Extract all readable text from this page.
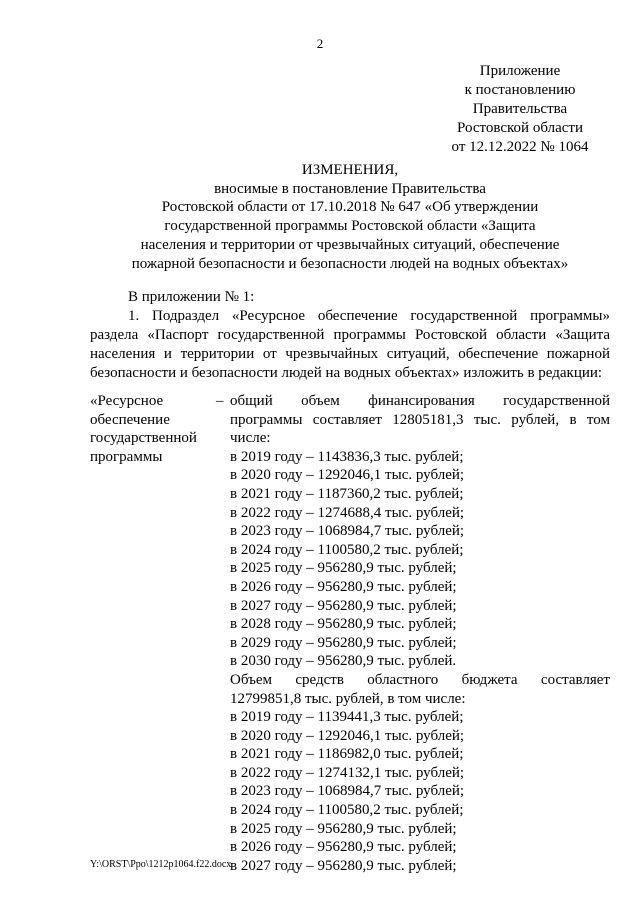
2
Приложение
к постановлению
Правительства
Ростовской области
от 12.12.2022 № 1064
ИЗМЕНЕНИЯ,
вносимые в постановление Правительства
Ростовской области от 17.10.2018 № 647 «Об утверждении
государственной программы Ростовской области «Защита
населения и территории от чрезвычайных ситуаций, обеспечение
пожарной безопасности и безопасности людей на водных объектах»
В приложении № 1:
1. Подраздел «Ресурсное обеспечение государственной программы»
раздела «Паспорт государственной программы Ростовской области «Защита
населения и территории от чрезвычайных ситуаций, обеспечение пожарной
безопасности и безопасности людей на водных объектах» изложить в редакции:
«Ресурсное
обеспечение
государственной
программы
– общий объем финансирования государственной
программы составляет 12805181,3 тыс. рублей, в том
числе:
в 2019 году – 1143836,3 тыс. рублей;
в 2020 году – 1292046,1 тыс. рублей;
в 2021 году – 1187360,2 тыс. рублей;
в 2022 году – 1274688,4 тыс. рублей;
в 2023 году – 1068984,7 тыс. рублей;
в 2024 году – 1100580,2 тыс. рублей;
в 2025 году – 956280,9 тыс. рублей;
в 2026 году – 956280,9 тыс. рублей;
в 2027 году – 956280,9 тыс. рублей;
в 2028 году – 956280,9 тыс. рублей;
в 2029 году – 956280,9 тыс. рублей;
в 2030 году – 956280,9 тыс. рублей.
Объем средств областного бюджета составляет
12799851,8 тыс. рублей, в том числе:
в 2019 году – 1139441,3 тыс. рублей;
в 2020 году – 1292046,1 тыс. рублей;
в 2021 году – 1186982,0 тыс. рублей;
в 2022 году – 1274132,1 тыс. рублей;
в 2023 году – 1068984,7 тыс. рублей;
в 2024 году – 1100580,2 тыс. рублей;
в 2025 году – 956280,9 тыс. рублей;
в 2026 году – 956280,9 тыс. рублей;
в 2027 году – 956280,9 тыс. рублей;
Y:\ORST\Ppo\1212p1064.f22.docx
